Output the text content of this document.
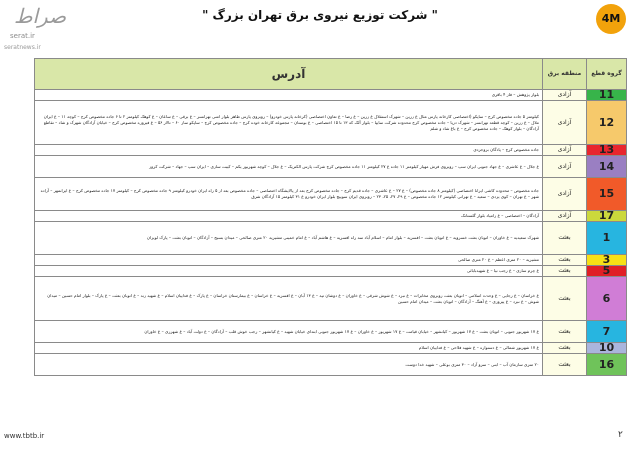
صراط
serat.ir
" شرکت توزیع نیروی برق تهران بزرگ "	4M
seratnews.ir
گروه قطع	منطقه برق	آدرس
11	آزادی	بلوار پژوهش – فاز ۴ باقری
12	آزادی	کیلومتر ۵ جاده مخصوص کرج – ساپکو (اختصاصی کارخانه پارس مثال ع زرین – شهرک استقلال ع زرین – ع رضا – ع تعاون اختصاصی (کرخانه پارس خودرو) – روبروی پارس طاهر بلوار امنی تهرانسر – ع برقی – ع ساعان – ع کوهک کیلومتر ۲ تا ۶ جاده مخصوص کرج – کوچه ۱۱ – ع ایران ملال – ع زرین – کوچه قطعه تهرانسر – شهرک دریا – جاده مخصوص کرج محدوده شرکت سایپا – بلوار آلک که ۱۳ تا ۱۵ اختصاصی – ع بوستان – مجموعه کارخانه خوده کرج – جاده مخصوص کرج – ساپکو ساز ۶۰ – تالار ۵۶ – ع فیروزه مخصوص کرج – خیابان آزادگان شهرک و شاد – تقاطع آزادگان – بلوار کوهک – جاده مخصوص کرج – ع باغ شاد و شلم
13	آزادی	جاده مخصوص کرج – پادگان بروجردی
14	آزادی	ع جلال – ع عاشری – ع جهاد جنوبی ایران سپ – روبروی فرش مهیار کیلومتر ۱۱ جاده ع ۲۷ کیلومتر ۱۱ جاده مخصوص کرج شرکت پارس الکتریک – ع جلال – کوچه شهریور یکم – کیبت سازی – ایران سپ – جهاد – شرکت کروز
15	آزادی	جاده مخصوص – محدوده کاشی ایرانا اختصاصی (کیلومتر ۸ جاده مخصوص) – ع ۲۷ – ع عاشری – جاده قدیم کرج – جاده مخصوص کرج بعد از پالایشگاه اختصاصی – جاده مخصوص بعد از ۵ راه ایران خودرو کیلومتر ۹ جاده مخصوص کرج – کیلومتر ۱۷ جاده مخصوص کرج – ع ایرانمهر – آزاده شهر – ع تهران – کوی یزدی – سعید – ع تهرانی کیلومتر ۱۲ جاده مخصوص – ع ۲۹، ۲۷، ۲۵، ۲۳ – روبروی ایران سوییچ بلوار ایران خودرو ع ۳۱ کیلومتر ۱۵ آزادگان شرق
17	آزادی	آزادگان – اختصاصی – ع زامیاد بلوار گلستانک
1	بعثت	شهرک سعیدیه – ع خاوران – اتوبان بعثت خسرویه – ع اتوبان بعثت – افسریه – بلوار امام – اسلام آباد سه راه افسریه – ع هاشم آباد – ع امام خمینی مشیریه ۲۰ متری صالحی – میدان بسیج – آزادگان – اتوبان بعثت – پارک لویزان
3	بعثت	مشیریه – ۲۰ متری اعظم – ع ۲۰ متری صالحی
5	بعثت	ع چرم سازی – ع رجب نیا – ع شهیدبابائی
6	بعثت	ع خراسان – ع رجایی – ع وحدت اسلامی – اتوبان بعثت روبروی مخابرات – ع نبرد – ع شوش شرقی – ع خاوران – ع دوشان تپه – ع ۱۳ آبان – ع افسریه – ع خراسان – ع بیمارستان خراسان – ع پارک – ع فداییان اسلام – ع شهید زند – ع اتوبان بعثت – ع پارک – بلوار امام حسین – میدان شوش – ع نبرد – ع پیروزی – ع آهنگ – آزادگان – اتوبان بعثت – میدان امام حسین
7	بعثت	ع ۱۷ شهریور جنوبی – اتوبان بعثت – ع ۱۷ شهریور – کیانشهر – خیابان قیامت – ع ۱۷ شهریور – ع خاوران – ع ۱۷ شهریور جنوبی ابتدای خیابان شهید – ع کیانشهر – رجب خوش قلب – آزادگان – ع دولت آباد – ع شهرری – ع خاوران
10	بعثت	ع ۱۷ شهریور شمالی – ع دستواره – ع شهید فلاحی – ع فداییان اسلام
16	بعثت	۲۰ متری سازمان آب – ابنی – سرو آزاد – ۳۰ متری بوعلی – شهید خدا دوست
www.tbtb.ir	۲
